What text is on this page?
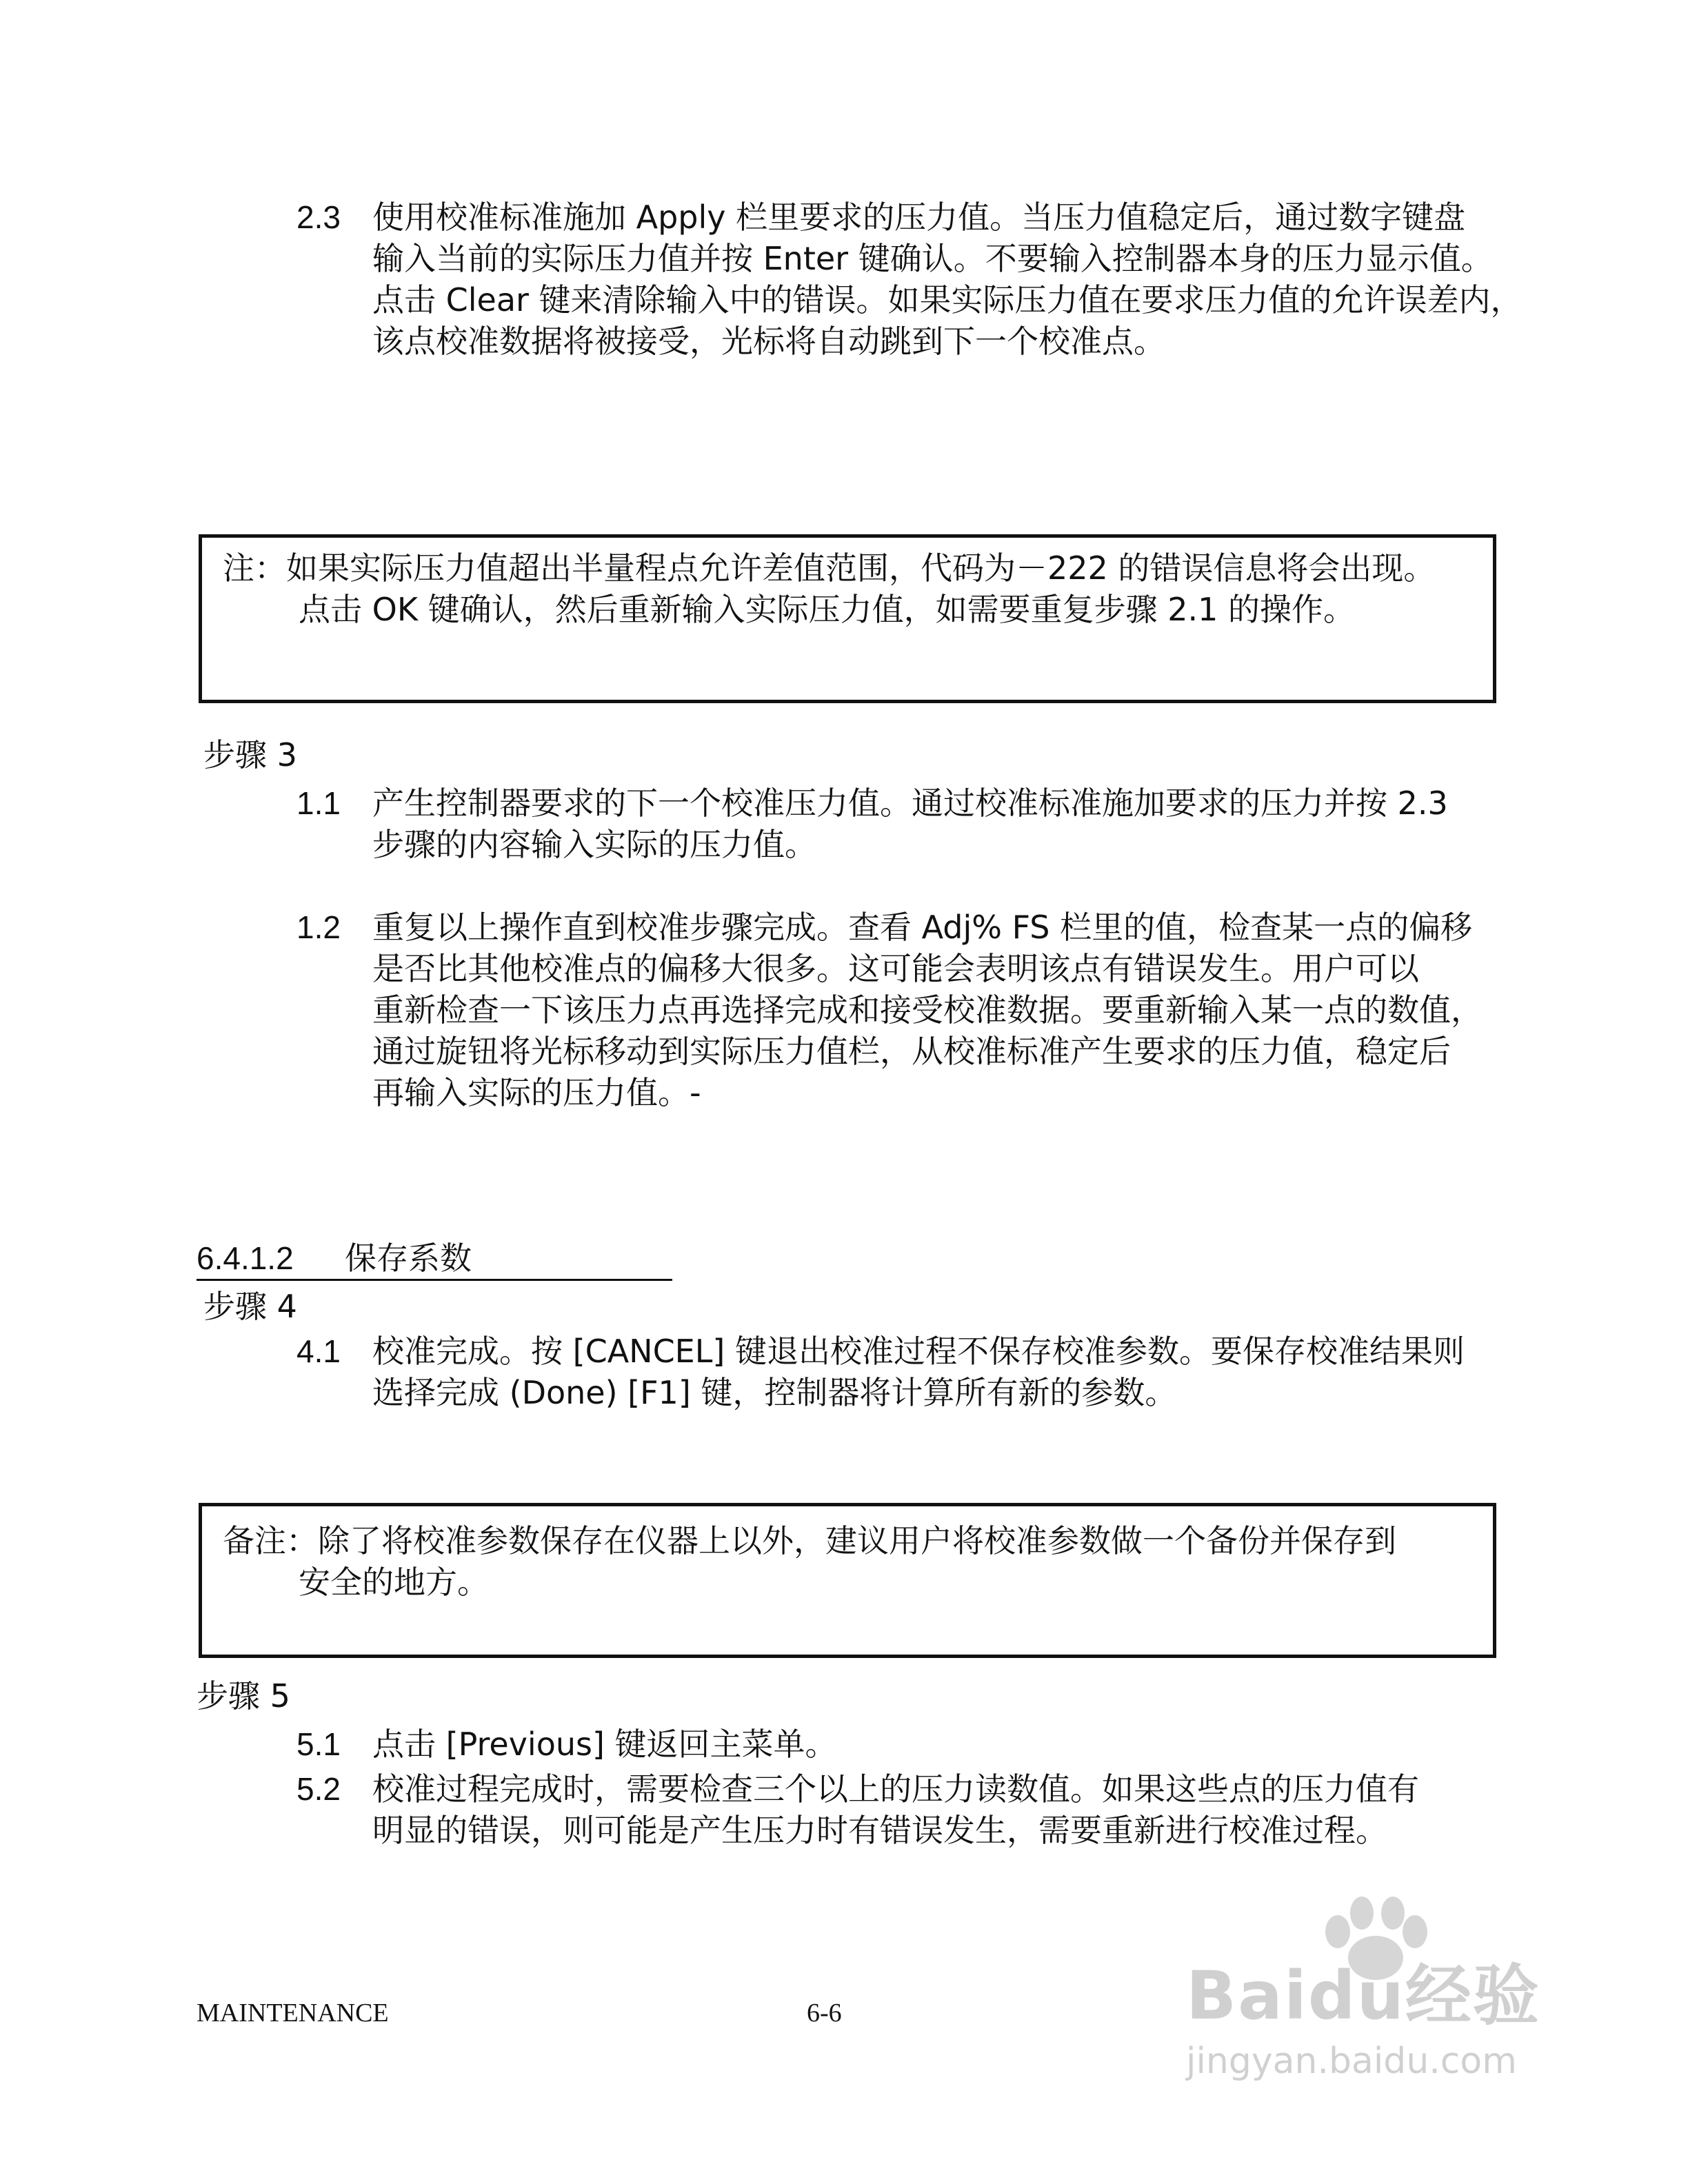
2.3 使用校准标准施加 Apply 栏里要求的压力值。当压力值稳定后，通过数字键盘
输入当前的实际压力值并按 Enter 键确认。不要输入控制器本身的压力显示值。
点击 Clear 键来清除输入中的错误。如果实际压力值在要求压力值的允许误差内，
该点校准数据将被接受，光标将自动跳到下一个校准点。
注：如果实际压力值超出半量程点允许差值范围，代码为－222 的错误信息将会出现。
点击 OK 键确认，然后重新输入实际压力值，如需要重复步骤 2.1 的操作。
步骤 3
1.1 产生控制器要求的下一个校准压力值。通过校准标准施加要求的压力并按 2.3
步骤的内容输入实际的压力值。
1.2 重复以上操作直到校准步骤完成。查看 Adj% FS 栏里的值，检查某一点的偏移
是否比其他校准点的偏移大很多。这可能会表明该点有错误发生。用户可以
重新检查一下该压力点再选择完成和接受校准数据。要重新输入某一点的数值，
通过旋钮将光标移动到实际压力值栏，从校准标准产生要求的压力值，稳定后
再输入实际的压力值。-
6.4.1.2 保存系数
步骤 4
4.1 校准完成。按 [CANCEL] 键退出校准过程不保存校准参数。要保存校准结果则
选择完成 (Done) [F1] 键，控制器将计算所有新的参数。
备注：除了将校准参数保存在仪器上以外，建议用户将校准参数做一个备份并保存到
安全的地方。
步骤 5
5.1 点击 [Previous] 键返回主菜单。
5.2 校准过程完成时，需要检查三个以上的压力读数值。如果这些点的压力值有
明显的错误，则可能是产生压力时有错误发生，需要重新进行校准过程。
MAINTENANCE	6-6	Baidu经验
jingyan.baidu.com
